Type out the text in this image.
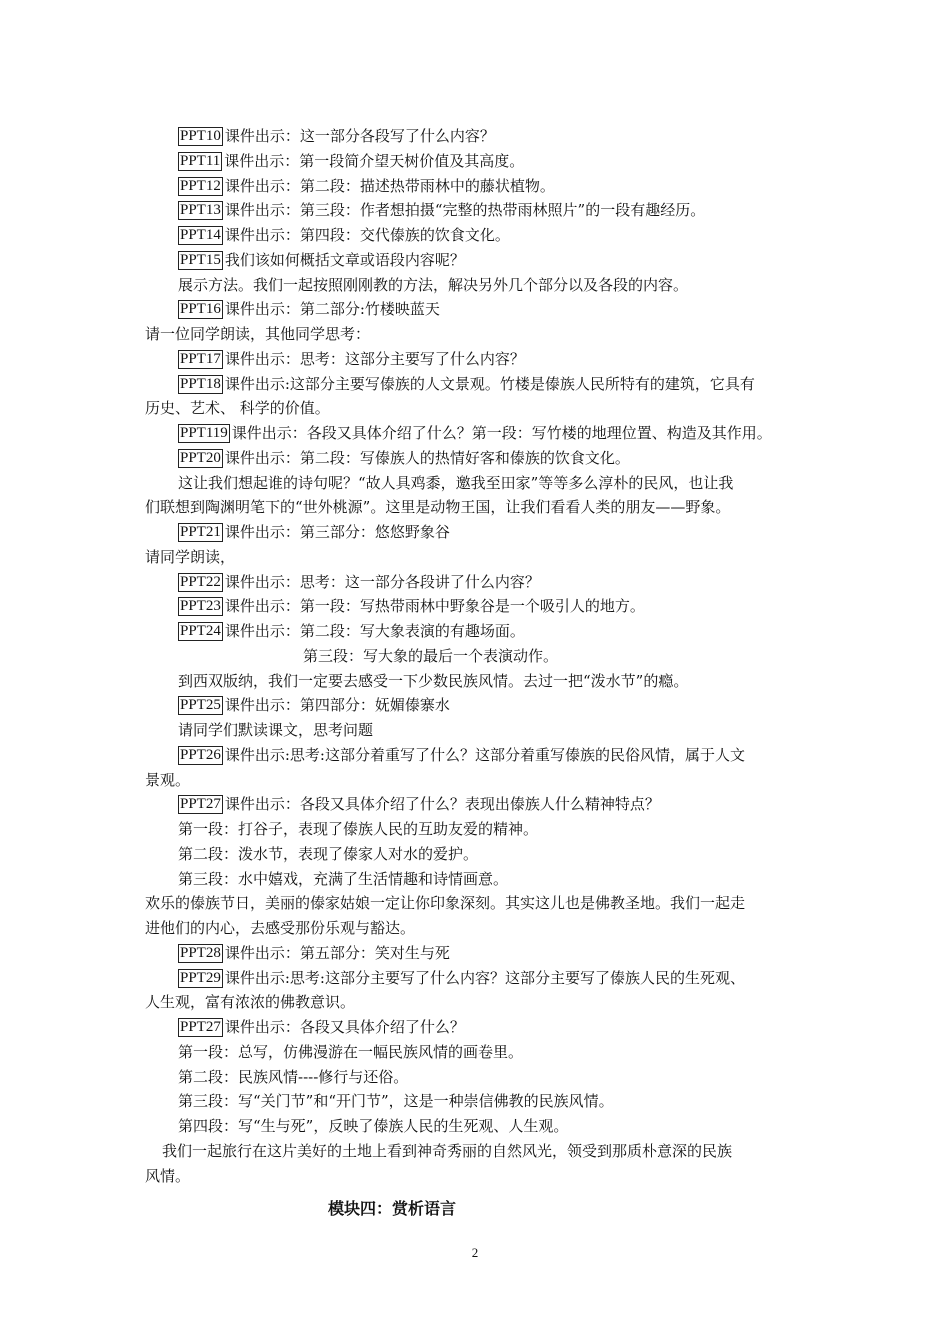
PPT10 课件出示：这一部分各段写了什么内容？
PPT11 课件出示：第一段简介望天树价值及其高度。
PPT12 课件出示：第二段：描述热带雨林中的藤状植物。
PPT13 课件出示：第三段：作者想拍摄“完整的热带雨林照片”的一段有趣经历。
PPT14 课件出示：第四段：交代傣族的饮食文化。
PPT15 我们该如何概括文章或语段内容呢？
展示方法。我们一起按照刚刚教的方法，解决另外几个部分以及各段的内容。
PPT16 课件出示：第二部分:竹楼映蓝天
请一位同学朗读，其他同学思考：
PPT17 课件出示：思考：这部分主要写了什么内容？
PPT18 课件出示:这部分主要写傣族的人文景观。竹楼是傣族人民所特有的建筑，它具有
历史、艺术、 科学的价值。
PPT119 课件出示：各段又具体介绍了什么？第一段：写竹楼的地理位置、构造及其作用。
PPT20 课件出示：第二段：写傣族人的热情好客和傣族的饮食文化。
这让我们想起谁的诗句呢？“故人具鸡黍，邀我至田家”等等多么淳朴的民风，也让我
们联想到陶渊明笔下的“世外桃源”。这里是动物王国，让我们看看人类的朋友——野象。
PPT21 课件出示：第三部分：悠悠野象谷
请同学朗读，
PPT22 课件出示：思考：这一部分各段讲了什么内容？
PPT23 课件出示：第一段：写热带雨林中野象谷是一个吸引人的地方。
PPT24 课件出示：第二段：写大象表演的有趣场面。
第三段：写大象的最后一个表演动作。
到西双版纳，我们一定要去感受一下少数民族风情。去过一把“泼水节”的瘾。
PPT25 课件出示：第四部分：妩媚傣寨水
请同学们默读课文，思考问题
PPT26 课件出示:思考:这部分着重写了什么？这部分着重写傣族的民俗风情，属于人文
景观。
PPT27 课件出示：各段又具体介绍了什么？表现出傣族人什么精神特点？
第一段：打谷子，表现了傣族人民的互助友爱的精神。
第二段：泼水节，表现了傣家人对水的爱护。
第三段：水中嬉戏，充满了生活情趣和诗情画意。
欢乐的傣族节日，美丽的傣家姑娘一定让你印象深刻。其实这儿也是佛教圣地。我们一起走
进他们的内心，去感受那份乐观与豁达。
PPT28 课件出示：第五部分：笑对生与死
PPT29 课件出示:思考:这部分主要写了什么内容？这部分主要写了傣族人民的生死观、
人生观，富有浓浓的佛教意识。
PPT27 课件出示：各段又具体介绍了什么？
第一段：总写，仿佛漫游在一幅民族风情的画卷里。
第二段：民族风情----修行与还俗。
第三段：写“关门节”和“开门节”，这是一种崇信佛教的民族风情。
第四段：写“生与死”，反映了傣族人民的生死观、人生观。
我们一起旅行在这片美好的土地上看到神奇秀丽的自然风光，领受到那质朴意深的民族
风情。
模块四：赏析语言
2
